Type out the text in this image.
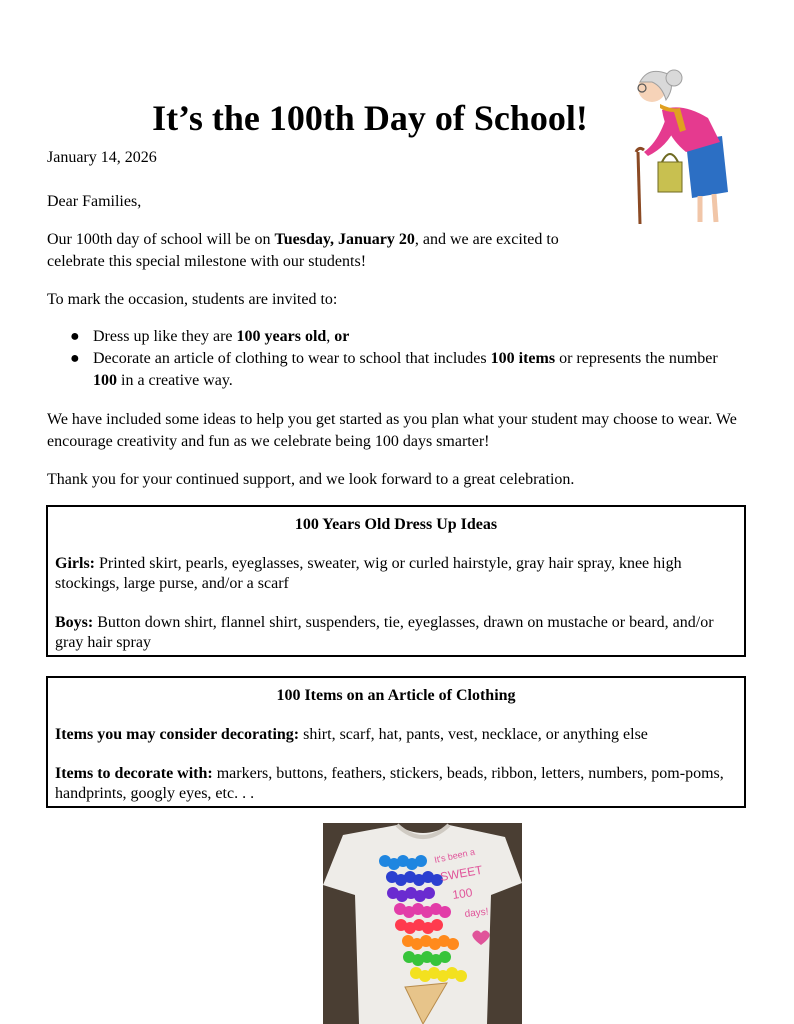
It’s the 100th Day of School!

January 14, 2026

Dear Families,

Our 100th day of school will be on Tuesday, January 20, and we are excited to celebrate this special milestone with our students!

To mark the occasion, students are invited to:

● Dress up like they are 100 years old, or
● Decorate an article of clothing to wear to school that includes 100 items or represents the number 100 in a creative way.

We have included some ideas to help you get started as you plan what your student may choose to wear. We encourage creativity and fun as we celebrate being 100 days smarter!

Thank you for your continued support, and we look forward to a great celebration.

100 Years Old Dress Up Ideas

Girls: Printed skirt, pearls, eyeglasses, sweater, wig or curled hairstyle, gray hair spray, knee high stockings, large purse, and/or a scarf

Boys: Button down shirt, flannel shirt, suspenders, tie, eyeglasses, drawn on mustache or beard, and/or gray hair spray

100 Items on an Article of Clothing

Items you may consider decorating: shirt, scarf, hat, pants, vest, necklace, or anything else

Items to decorate with: markers, buttons, feathers, stickers, beads, ribbon, letters, numbers, pom-poms, handprints, googly eyes, etc. . .

It's been a
SWEET
100
days!
